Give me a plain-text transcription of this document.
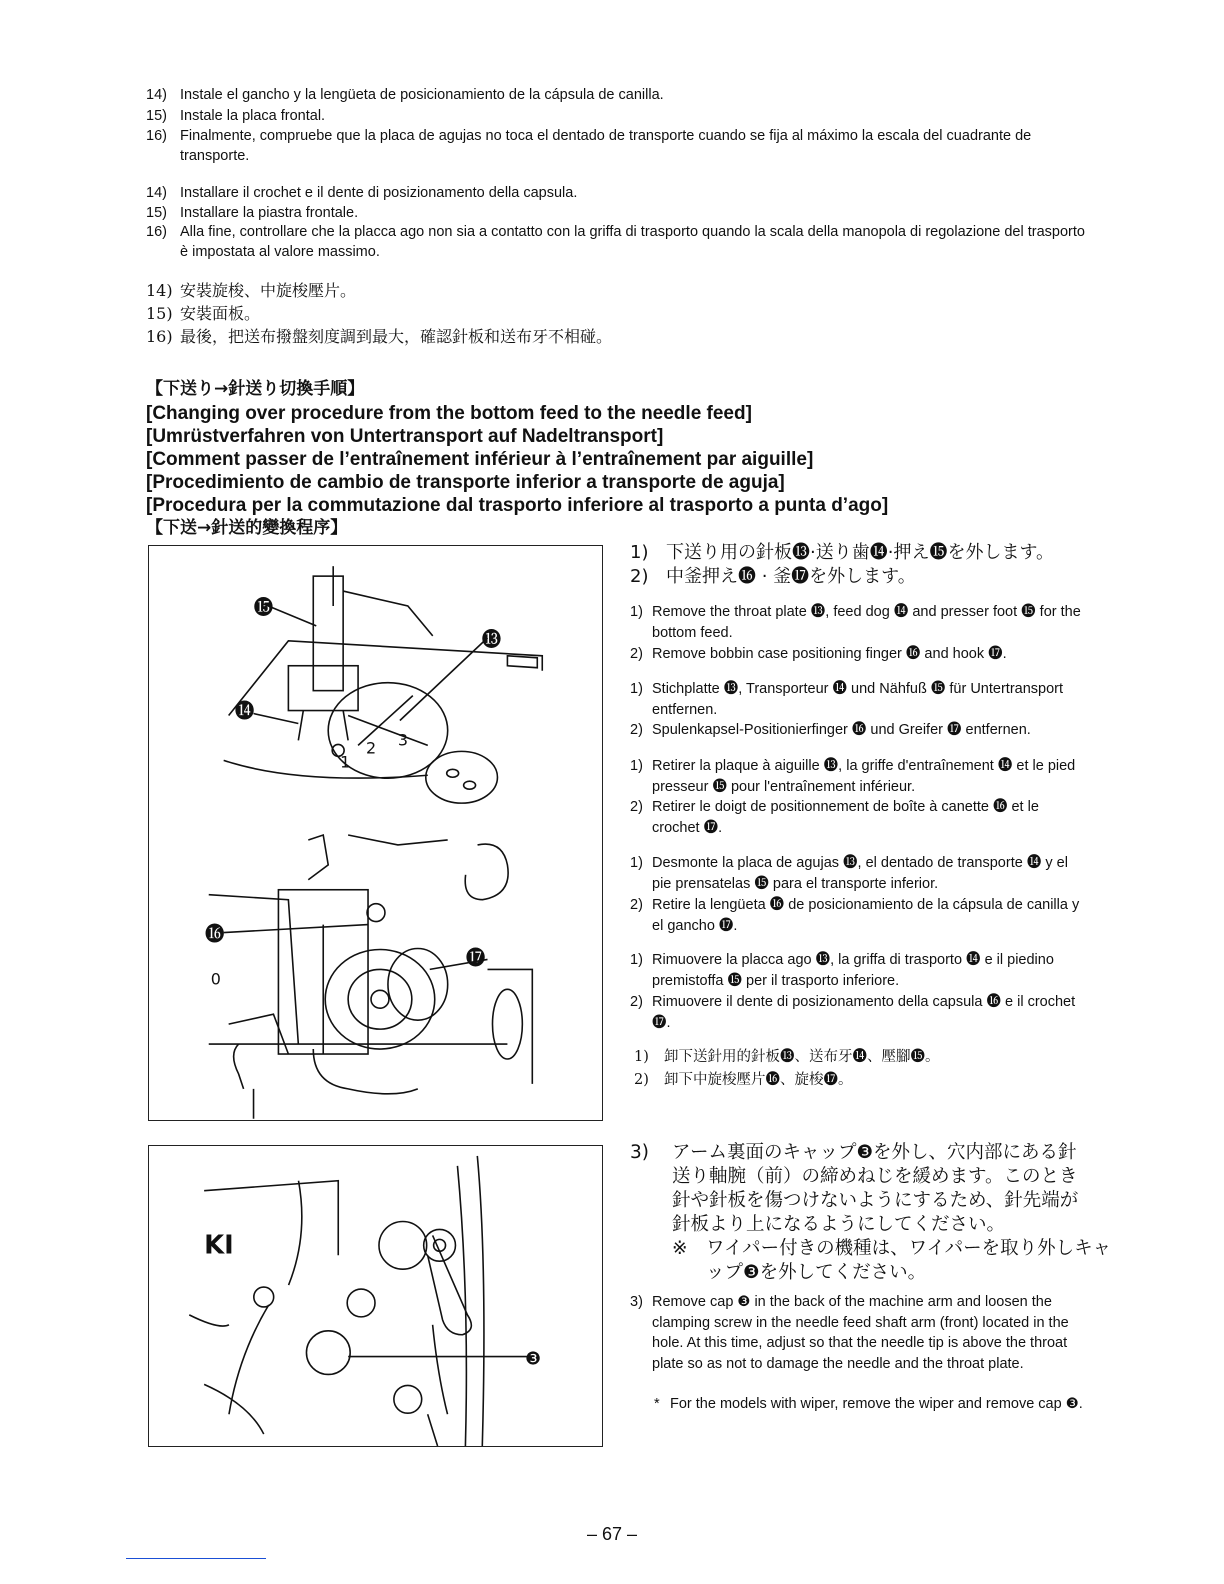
14) Instale el gancho y la lengüeta de posicionamiento de la cápsula de canilla.
15) Instale la placa frontal.
16) Finalmente, compruebe que la placa de agujas no toca el dentado de transporte cuando se fija al máximo la escala del cuadrante de transporte.
14) Installare il crochet e il dente di posizionamento della capsula.
15) Installare la piastra frontale.
16) Alla fine, controllare che la placca ago non sia a contatto con la griffa di trasporto quando la scala della manopola di regolazione del trasporto è impostata al valore massimo.
14) 安裝旋梭、中旋梭壓片。
15) 安裝面板。
16) 最後，把送布撥盤刻度調到最大，確認針板和送布牙不相碰。
【下送り→針送り切換手順】
[Changing over procedure from the bottom feed to the needle feed]
[Umrüstverfahren von Untertransport auf Nadeltransport]
[Comment passer de l’entraînement inférieur à l’entraînement par aiguille]
[Procedimiento de cambio de transporte inferior a transporte de aguja]
[Procedura per la commutazione dal trasporto inferiore al trasporto a punta d’ago]
【下送→針送的變換程序】
⓯
⓭
⓮
⓰
⓱
1
2 3
0
KI
❸
1) 下送り用の針板⓭·送り歯⓮·押え⓯を外します。
2) 中釜押え⓰ · 釜⓱を外します。
1) Remove the throat plate ⓭, feed dog ⓮ and presser foot ⓯ for the bottom feed.
2) Remove bobbin case positioning finger ⓰ and hook ⓱.
1) Stichplatte ⓭, Transporteur ⓮ und Nähfuß ⓯ für Untertransport entfernen.
2) Spulenkapsel-Positionierfinger ⓰ und Greifer ⓱ entfernen.
1) Retirer la plaque à aiguille ⓭, la griffe d'entraînement ⓮ et le pied presseur ⓯ pour l'entraînement inférieur.
2) Retirer le doigt de positionnement de boîte à canette ⓰ et le crochet ⓱.
1) Desmonte la placa de agujas ⓭, el dentado de transporte ⓮ y el pie prensatelas ⓯ para el transporte inferior.
2) Retire la lengüeta ⓰ de posicionamiento de la cápsula de canilla y el gancho ⓱.
1) Rimuovere la placca ago ⓭, la griffa di trasporto ⓮ e il piedino premistoffa ⓯ per il trasporto inferiore.
2) Rimuovere il dente di posizionamento della capsula ⓰ e il crochet ⓱.
1) 卸下送針用的針板⓭、送布牙⓮、壓腳⓯。
2) 卸下中旋梭壓片⓰、旋梭⓱。
3) アーム裏面のキャップ❸を外し、穴内部にある針送り軸腕（前）の締めねじを緩めます。このとき針や針板を傷つけないようにするため、針先端が針板より上になるようにしてください。
※ ワイパー付きの機種は、ワイパーを取り外しキャップ❸を外してください。
3) Remove cap ❸ in the back of the machine arm and loosen the clamping screw in the needle feed shaft arm (front) located in the hole. At this time, adjust so that the needle tip is above the throat plate so as not to damage the needle and the throat plate.
* For the models with wiper, remove the wiper and remove cap ❸.
– 67 –
